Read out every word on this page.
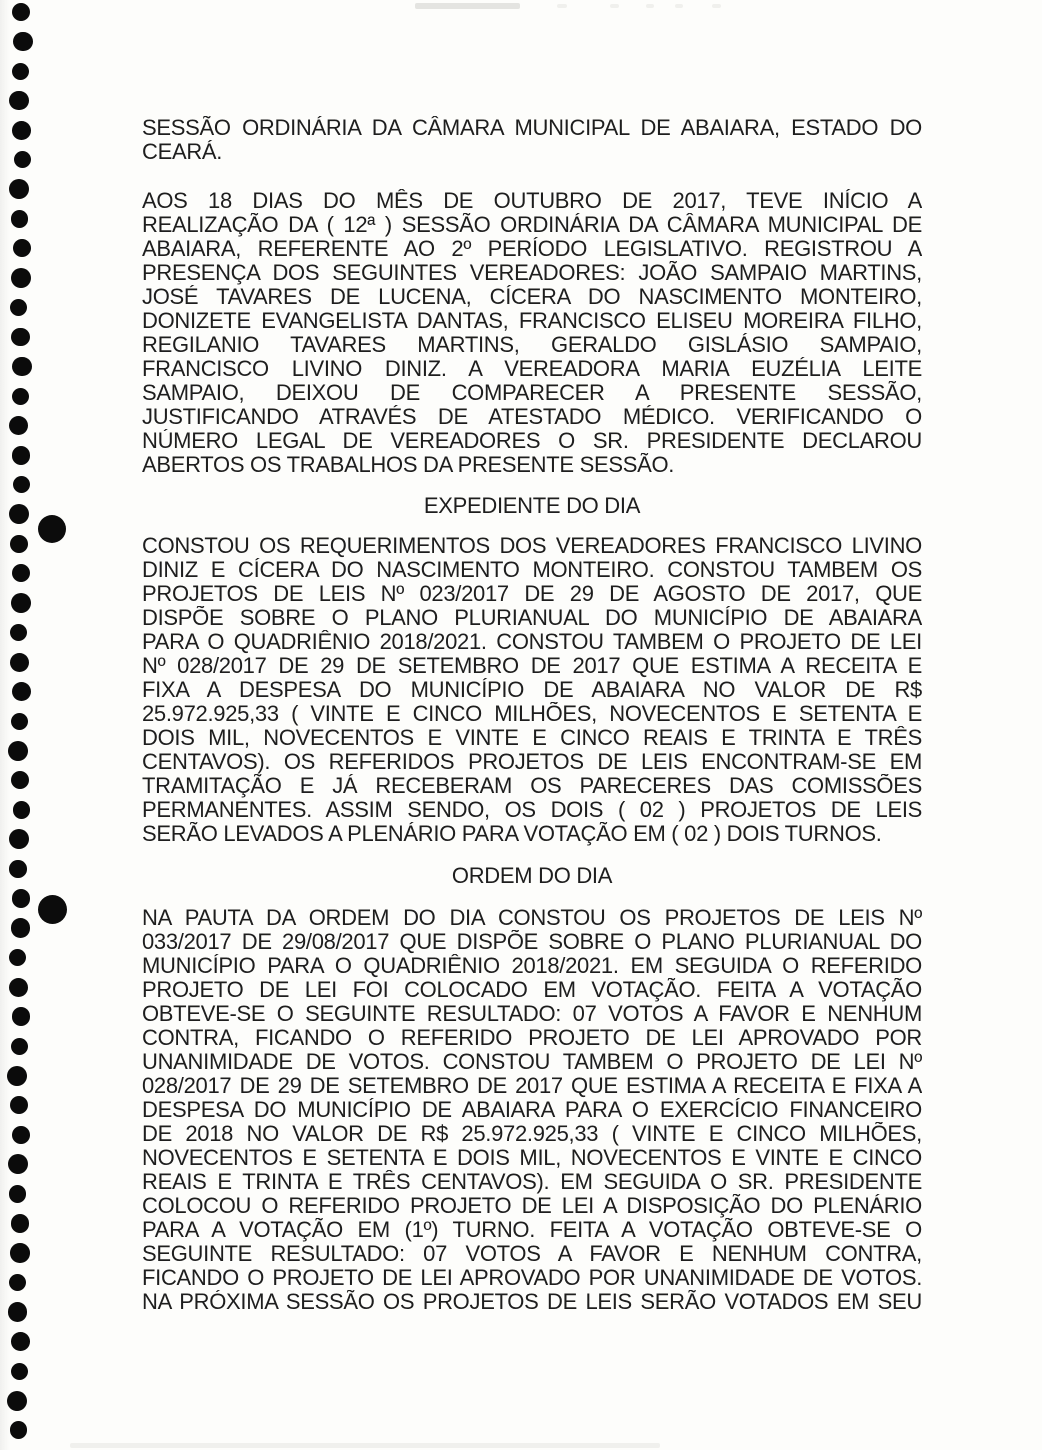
SESSÃO ORDINÁRIA DA CÂMARA MUNICIPAL DE ABAIARA, ESTADO DO
CEARÁ.
AOS 18 DIAS DO MÊS DE OUTUBRO DE 2017, TEVE INÍCIO A
REALIZAÇÃO DA ( 12ª ) SESSÃO ORDINÁRIA DA CÂMARA MUNICIPAL DE
ABAIARA, REFERENTE AO 2º PERÍODO LEGISLATIVO. REGISTROU A
PRESENÇA DOS SEGUINTES VEREADORES: JOÃO SAMPAIO MARTINS,
JOSÉ TAVARES DE LUCENA, CÍCERA DO NASCIMENTO MONTEIRO,
DONIZETE EVANGELISTA DANTAS, FRANCISCO ELISEU MOREIRA FILHO,
REGILANIO TAVARES MARTINS, GERALDO GISLÁSIO SAMPAIO,
FRANCISCO LIVINO DINIZ. A VEREADORA MARIA EUZÉLIA LEITE
SAMPAIO, DEIXOU DE COMPARECER A PRESENTE SESSÃO,
JUSTIFICANDO ATRAVÉS DE ATESTADO MÉDICO. VERIFICANDO O
NÚMERO LEGAL DE VEREADORES O SR. PRESIDENTE DECLAROU
ABERTOS OS TRABALHOS DA PRESENTE SESSÃO.
EXPEDIENTE DO DIA
CONSTOU OS REQUERIMENTOS DOS VEREADORES FRANCISCO LIVINO
DINIZ E CÍCERA DO NASCIMENTO MONTEIRO. CONSTOU TAMBEM OS
PROJETOS DE LEIS Nº 023/2017 DE 29 DE AGOSTO DE 2017, QUE
DISPÕE SOBRE O PLANO PLURIANUAL DO MUNICÍPIO DE ABAIARA
PARA O QUADRIÊNIO 2018/2021. CONSTOU TAMBEM O PROJETO DE LEI
Nº 028/2017 DE 29 DE SETEMBRO DE 2017 QUE ESTIMA A RECEITA E
FIXA A DESPESA DO MUNICÍPIO DE ABAIARA NO VALOR DE R$
25.972.925,33 ( VINTE E CINCO MILHÕES, NOVECENTOS E SETENTA E
DOIS MIL, NOVECENTOS E VINTE E CINCO REAIS E TRINTA E TRÊS
CENTAVOS). OS REFERIDOS PROJETOS DE LEIS ENCONTRAM-SE EM
TRAMITAÇÃO E JÁ RECEBERAM OS PARECERES DAS COMISSÕES
PERMANENTES. ASSIM SENDO, OS DOIS ( 02 ) PROJETOS DE LEIS
SERÃO LEVADOS A PLENÁRIO PARA VOTAÇÃO EM ( 02 ) DOIS TURNOS.
ORDEM DO DIA
NA PAUTA DA ORDEM DO DIA CONSTOU OS PROJETOS DE LEIS Nº
033/2017 DE 29/08/2017 QUE DISPÕE SOBRE O PLANO PLURIANUAL DO
MUNICÍPIO PARA O QUADRIÊNIO 2018/2021. EM SEGUIDA O REFERIDO
PROJETO DE LEI FOI COLOCADO EM VOTAÇÃO. FEITA A VOTAÇÃO
OBTEVE-SE O SEGUINTE RESULTADO: 07 VOTOS A FAVOR E NENHUM
CONTRA, FICANDO O REFERIDO PROJETO DE LEI APROVADO POR
UNANIMIDADE DE VOTOS. CONSTOU TAMBEM O PROJETO DE LEI Nº
028/2017 DE 29 DE SETEMBRO DE 2017 QUE ESTIMA A RECEITA E FIXA A
DESPESA DO MUNICÍPIO DE ABAIARA PARA O EXERCÍCIO FINANCEIRO
DE 2018 NO VALOR DE R$ 25.972.925,33 ( VINTE E CINCO MILHÕES,
NOVECENTOS E SETENTA E DOIS MIL, NOVECENTOS E VINTE E CINCO
REAIS E TRINTA E TRÊS CENTAVOS). EM SEGUIDA O SR. PRESIDENTE
COLOCOU O REFERIDO PROJETO DE LEI A DISPOSIÇÃO DO PLENÁRIO
PARA A VOTAÇÃO EM (1º) TURNO. FEITA A VOTAÇÃO OBTEVE-SE O
SEGUINTE RESULTADO: 07 VOTOS A FAVOR E NENHUM CONTRA,
FICANDO O PROJETO DE LEI APROVADO POR UNANIMIDADE DE VOTOS.
NA PRÓXIMA SESSÃO OS PROJETOS DE LEIS SERÃO VOTADOS EM SEU
